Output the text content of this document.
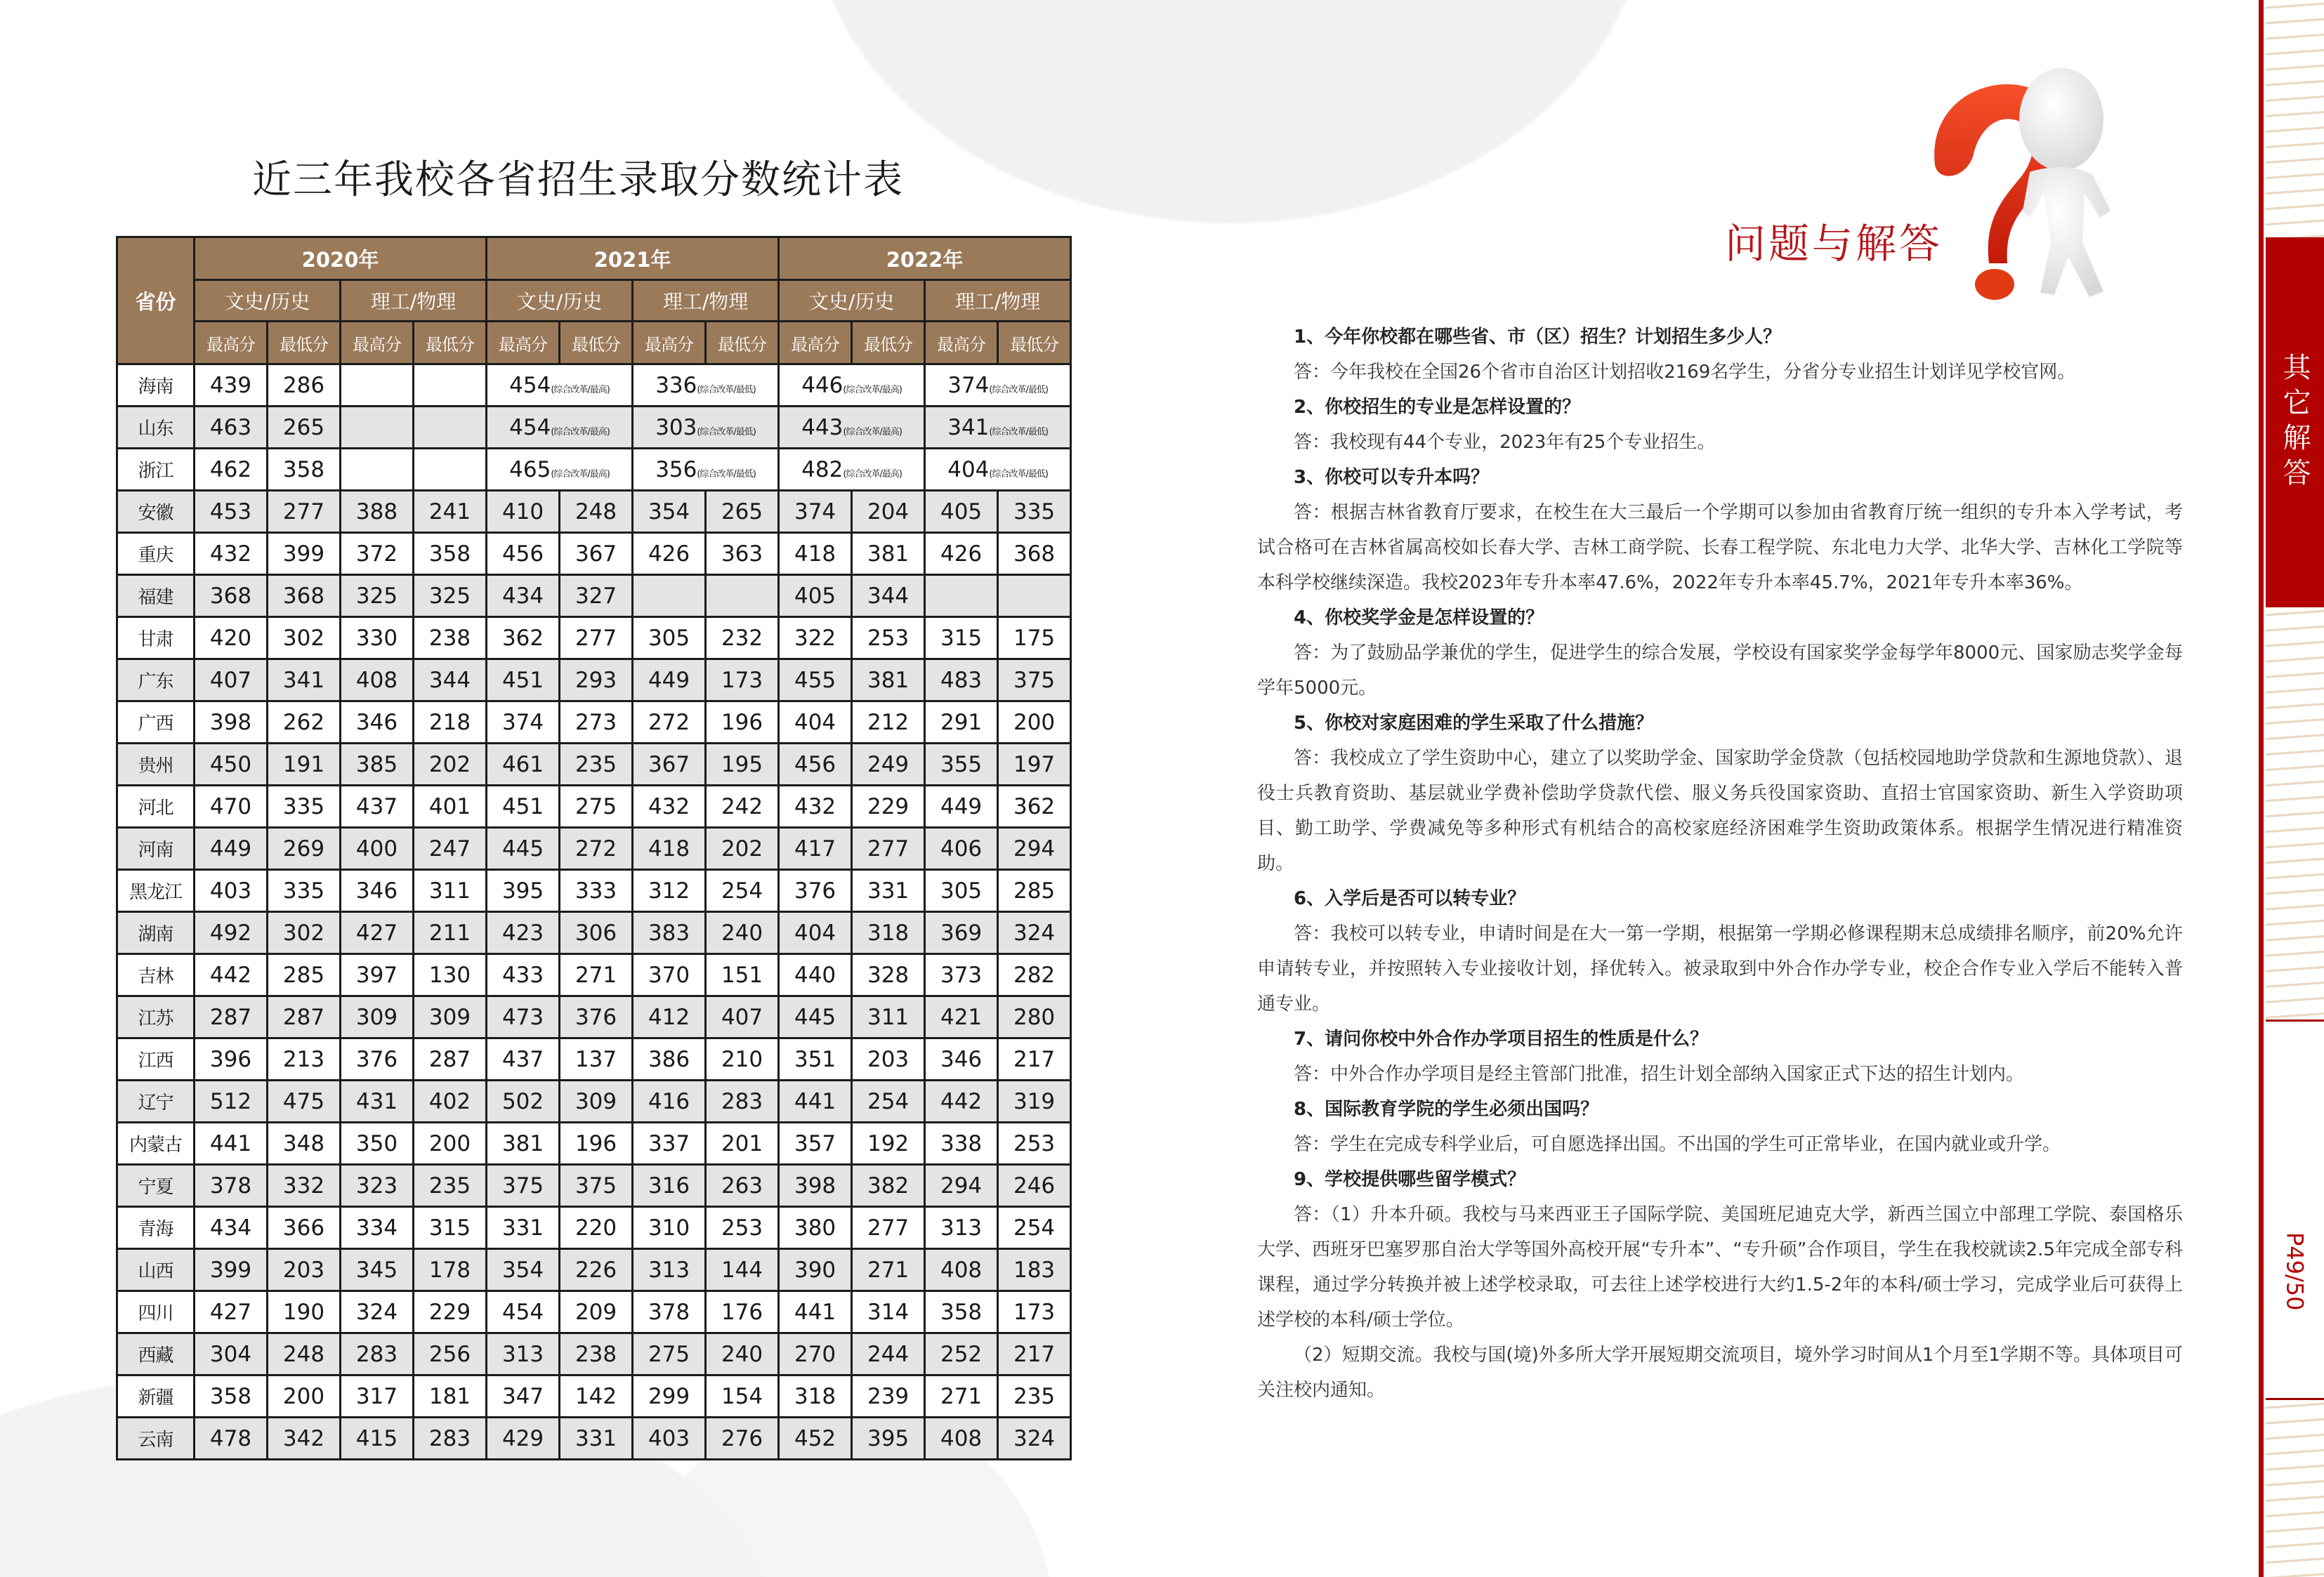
近三年我校各省招生录取分数统计表
省份	2020年				2021年				2022年			
	文史/历史		理工/物理		文史/历史		理工/物理		文史/历史		理工/物理	
	最高分	最低分	最高分	最低分	最高分	最低分	最高分	最低分	最高分	最低分	最高分	最低分
海南	439	286			454(综合改革/最高)		336(综合改革/最低)		446(综合改革/最高)		374(综合改革/最低)	
山东	463	265			454(综合改革/最高)		303(综合改革/最低)		443(综合改革/最高)		341(综合改革/最低)	
浙江	462	358			465(综合改革/最高)		356(综合改革/最低)		482(综合改革/最高)		404(综合改革/最低)	
安徽	453	277	388	241	410	248	354	265	374	204	405	335
重庆	432	399	372	358	456	367	426	363	418	381	426	368
福建	368	368	325	325	434	327			405	344		
甘肃	420	302	330	238	362	277	305	232	322	253	315	175
广东	407	341	408	344	451	293	449	173	455	381	483	375
广西	398	262	346	218	374	273	272	196	404	212	291	200
贵州	450	191	385	202	461	235	367	195	456	249	355	197
河北	470	335	437	401	451	275	432	242	432	229	449	362
河南	449	269	400	247	445	272	418	202	417	277	406	294
黑龙江	403	335	346	311	395	333	312	254	376	331	305	285
湖南	492	302	427	211	423	306	383	240	404	318	369	324
吉林	442	285	397	130	433	271	370	151	440	328	373	282
江苏	287	287	309	309	473	376	412	407	445	311	421	280
江西	396	213	376	287	437	137	386	210	351	203	346	217
辽宁	512	475	431	402	502	309	416	283	441	254	442	319
内蒙古	441	348	350	200	381	196	337	201	357	192	338	253
宁夏	378	332	323	235	375	375	316	263	398	382	294	246
青海	434	366	334	315	331	220	310	253	380	277	313	254
山西	399	203	345	178	354	226	313	144	390	271	408	183
四川	427	190	324	229	454	209	378	176	441	314	358	173
西藏	304	248	283	256	313	238	275	240	270	244	252	217
新疆	358	200	317	181	347	142	299	154	318	239	271	235
云南	478	342	415	283	429	331	403	276	452	395	408	324
问题与解答
1、今年你校都在哪些省、市（区）招生？计划招生多少人？
答：今年我校在全国26个省市自治区计划招收2169名学生，分省分专业招生计划详见学校官网。
2、你校招生的专业是怎样设置的？
答：我校现有44个专业，2023年有25个专业招生。
3、你校可以专升本吗？
答：根据吉林省教育厅要求，在校生在大三最后一个学期可以参加由省教育厅统一组织的专升本入学考试，考试合格可在吉林省属高校如长春大学、吉林工商学院、长春工程学院、东北电力大学、北华大学、吉林化工学院等本科学校继续深造。我校2023年专升本率47.6%，2022年专升本率45.7%，2021年专升本率36%。
4、你校奖学金是怎样设置的？
答：为了鼓励品学兼优的学生，促进学生的综合发展，学校设有国家奖学金每学年8000元、国家励志奖学金每学年5000元。
5、你校对家庭困难的学生采取了什么措施？
答：我校成立了学生资助中心，建立了以奖助学金、国家助学金贷款（包括校园地助学贷款和生源地贷款）、退役士兵教育资助、基层就业学费补偿助学贷款代偿、服义务兵役国家资助、直招士官国家资助、新生入学资助项目、勤工助学、学费减免等多种形式有机结合的高校家庭经济困难学生资助政策体系。根据学生情况进行精准资助。
6、入学后是否可以转专业？
答：我校可以转专业，申请时间是在大一第一学期，根据第一学期必修课程期末总成绩排名顺序，前20%允许申请转专业，并按照转入专业接收计划，择优转入。被录取到中外合作办学专业，校企合作专业入学后不能转入普通专业。
7、请问你校中外合作办学项目招生的性质是什么？
答：中外合作办学项目是经主管部门批准，招生计划全部纳入国家正式下达的招生计划内。
8、国际教育学院的学生必须出国吗？
答：学生在完成专科学业后，可自愿选择出国。不出国的学生可正常毕业，在国内就业或升学。
9、学校提供哪些留学模式？
答：（1）升本升硕。我校与马来西亚王子国际学院、美国班尼迪克大学，新西兰国立中部理工学院、泰国格乐大学、西班牙巴塞罗那自治大学等国外高校开展“专升本”、“专升硕”合作项目，学生在我校就读2.5年完成全部专科课程，通过学分转换并被上述学校录取，可去往上述学校进行大约1.5-2年的本科/硕士学习，完成学业后可获得上述学校的本科/硕士学位。
（2）短期交流。我校与国(境)外多所大学开展短期交流项目，境外学习时间从1个月至1学期不等。具体项目可关注校内通知。
其它解答
P49/50
